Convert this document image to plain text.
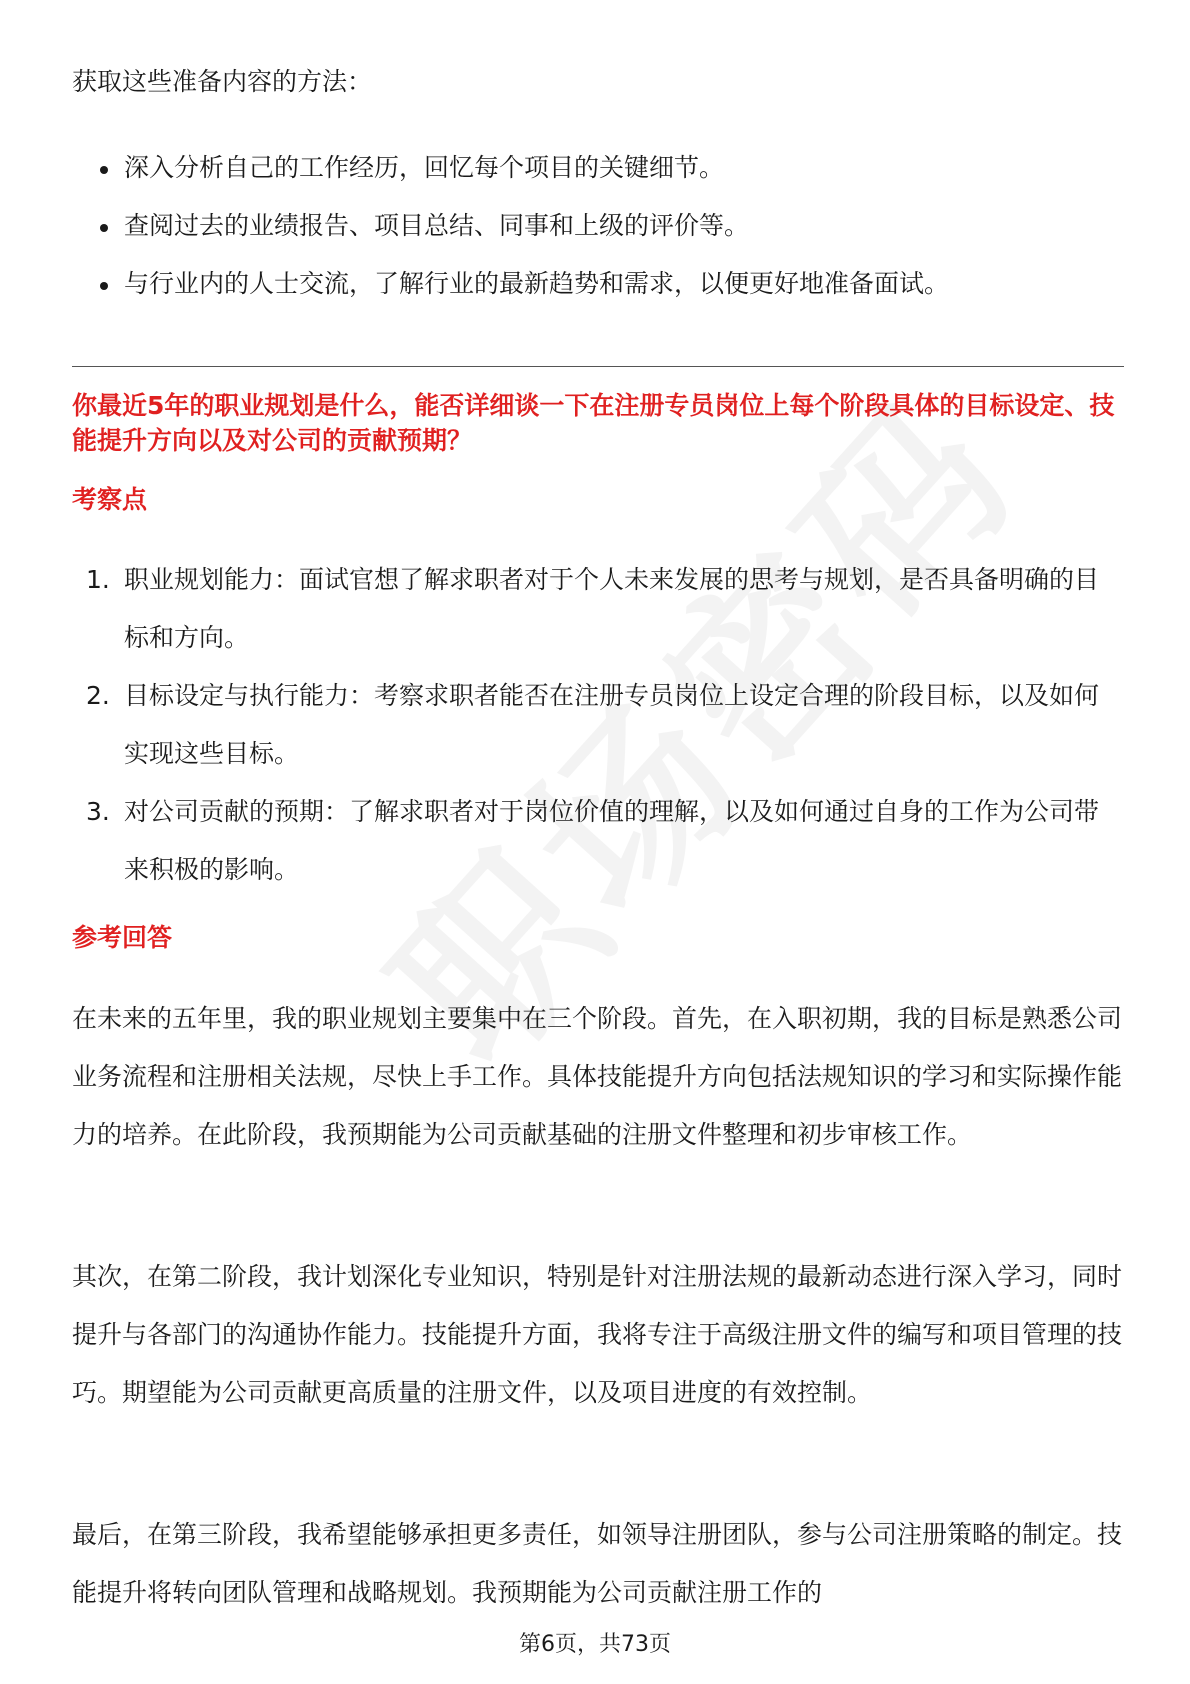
获取这些准备内容的方法：
深入分析自己的工作经历，回忆每个项目的关键细节。
查阅过去的业绩报告、项目总结、同事和上级的评价等。
与行业内的人士交流，了解行业的最新趋势和需求，以便更好地准备面试。
你最近5年的职业规划是什么，能否详细谈一下在注册专员岗位上每个阶段具体的目标设定、技能提升方向以及对公司的贡献预期？
考察点
1. 职业规划能力：面试官想了解求职者对于个人未来发展的思考与规划，是否具备明确的目标和方向。
2. 目标设定与执行能力：考察求职者能否在注册专员岗位上设定合理的阶段目标，以及如何实现这些目标。
3. 对公司贡献的预期：了解求职者对于岗位价值的理解，以及如何通过自身的工作为公司带来积极的影响。
参考回答
在未来的五年里，我的职业规划主要集中在三个阶段。首先，在入职初期，我的目标是熟悉公司业务流程和注册相关法规，尽快上手工作。具体技能提升方向包括法规知识的学习和实际操作能力的培养。在此阶段，我预期能为公司贡献基础的注册文件整理和初步审核工作。
其次，在第二阶段，我计划深化专业知识，特别是针对注册法规的最新动态进行深入学习，同时提升与各部门的沟通协作能力。技能提升方面，我将专注于高级注册文件的编写和项目管理的技巧。期望能为公司贡献更高质量的注册文件，以及项目进度的有效控制。
最后，在第三阶段，我希望能够承担更多责任，如领导注册团队，参与公司注册策略的制定。技能提升将转向团队管理和战略规划。我预期能为公司贡献注册工作的
第6页，共73页
